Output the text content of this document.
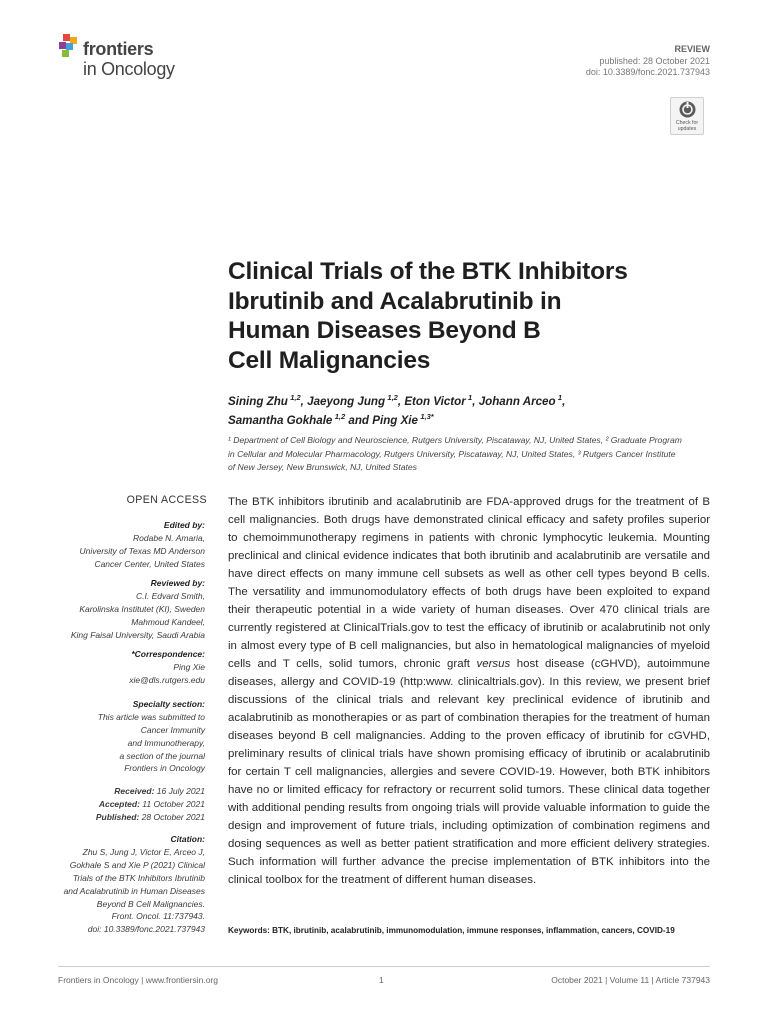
frontiers
in Oncology
REVIEW
published: 28 October 2021
doi: 10.3389/fonc.2021.737943
Check for
updates
Clinical Trials of the BTK Inhibitors
Ibrutinib and Acalabrutinib in
Human Diseases Beyond B
Cell Malignancies
Sining Zhu  $^{1,2}$, Jaeyong Jung  $^{1,2}$, Eton Victor  $^1$, Johann Arceo  $^1$,
Samantha Gokhale  $^{1,2}$ and Ping Xie  $^{1,3*}$
¹ Department of Cell Biology and Neuroscience, Rutgers University, Piscataway, NJ, United States, ² Graduate Program
in Cellular and Molecular Pharmacology, Rutgers University, Piscataway, NJ, United States, ³ Rutgers Cancer Institute
of New Jersey, New Brunswick, NJ, United States
OPEN ACCESS
Edited by:
Rodabe N. Amaria,
University of Texas MD Anderson
Cancer Center, United States
Reviewed by:
C.I. Edvard Smith,
Karolinska Institutet (KI), Sweden
Mahmoud Kandeel,
King Faisal University, Saudi Arabia
*Correspondence:
Ping Xie
xie@dls.rutgers.edu
Specialty section:
This article was submitted to
Cancer Immunity
and Immunotherapy,
a section of the journal
Frontiers in Oncology
Received: 16 July 2021
Accepted: 11 October 2021
Published: 28 October 2021
Citation:
Zhu S, Jung J, Victor E, Arceo J,
Gokhale S and Xie P (2021) Clinical
Trials of the BTK Inhibitors Ibrutinib
and Acalabrutinib in Human Diseases
Beyond B Cell Malignancies.
Front. Oncol. 11:737943.
doi: 10.3389/fonc.2021.737943

The BTK inhibitors ibrutinib and acalabrutinib are FDA-approved drugs for the treatment of B cell malignancies. Both drugs have demonstrated clinical efficacy and safety profiles superior to chemoimmunotherapy regimens in patients with chronic lymphocytic leukemia. Mounting preclinical and clinical evidence indicates that both ibrutinib and acalabrutinib are versatile and have direct effects on many immune cell subsets as well as other cell types beyond B cells. The versatility and immunomodulatory effects of both drugs have been exploited to expand their therapeutic potential in a wide variety of human diseases. Over 470 clinical trials are currently registered at ClinicalTrials.gov to test the efficacy of ibrutinib or acalabrutinib not only in almost every type of B cell malignancies, but also in hematological malignancies of myeloid cells and T cells, solid tumors, chronic graft versus host disease (cGHVD), autoimmune diseases, allergy and COVID-19 (http:www. clinicaltrials.gov). In this review, we present brief discussions of the clinical trials and relevant key preclinical evidence of ibrutinib and acalabrutinib as monotherapies or as part of combination therapies for the treatment of human diseases beyond B cell malignancies. Adding to the proven efficacy of ibrutinib for cGVHD, preliminary results of clinical trials have shown promising efficacy of ibrutinib or acalabrutinib for certain T cell malignancies, allergies and severe COVID-19. However, both BTK inhibitors have no or limited efficacy for refractory or recurrent solid tumors. These clinical data together with additional pending results from ongoing trials will provide valuable information to guide the design and improvement of future trials, including optimization of combination regimens and dosing sequences as well as better patient stratification and more efficient delivery strategies. Such information will further advance the precise implementation of BTK inhibitors into the clinical toolbox for the treatment of different human diseases.

Keywords: BTK, ibrutinib, acalabrutinib, immunomodulation, immune responses, inflammation, cancers, COVID-19
Frontiers in Oncology | www.frontiersin.org	1	October 2021 | Volume 11 | Article 737943
